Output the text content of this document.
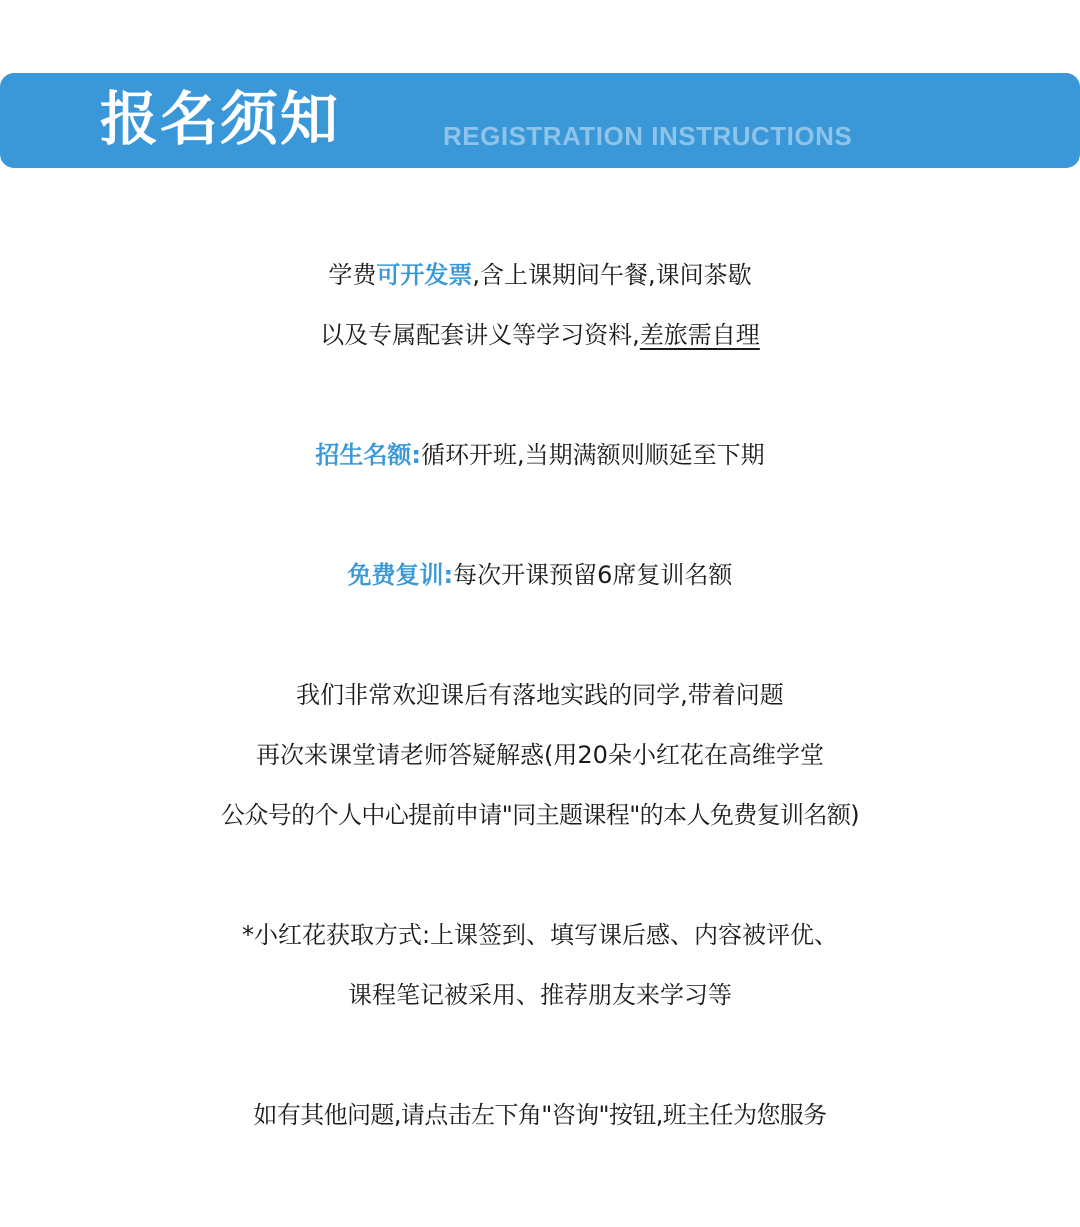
报名须知	REGISTRATION INSTRUCTIONS
学费可开发票,含上课期间午餐,课间茶歇
以及专属配套讲义等学习资料,差旅需自理
招生名额:循环开班,当期满额则顺延至下期
免费复训:每次开课预留6席复训名额
我们非常欢迎课后有落地实践的同学,带着问题
再次来课堂请老师答疑解惑(用20朵小红花在高维学堂
公众号的个人中心提前申请"同主题课程"的本人免费复训名额)
*小红花获取方式:上课签到、填写课后感、内容被评优、
课程笔记被采用、推荐朋友来学习等
如有其他问题,请点击左下角"咨询"按钮,班主任为您服务
